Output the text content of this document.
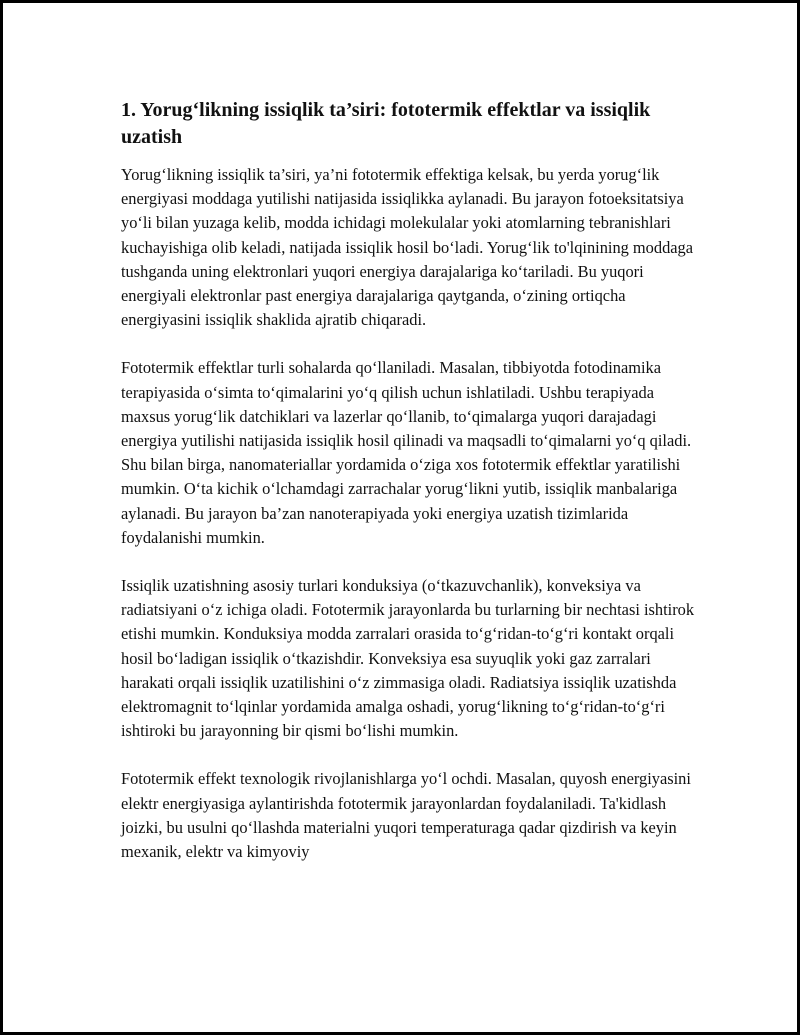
1. Yorug‘likning issiqlik ta’siri: fototermik effektlar va issiqlik uzatish

Yorug‘likning issiqlik ta’siri, ya’ni fototermik effektiga kelsak, bu yerda yorug‘lik energiyasi moddaga yutilishi natijasida issiqlikka aylanadi. Bu jarayon fotoeksitatsiya yo‘li bilan yuzaga kelib, modda ichidagi molekulalar yoki atomlarning tebranishlari kuchayishiga olib keladi, natijada issiqlik hosil bo‘ladi. Yorug‘lik to'lqinining moddaga tushganda uning elektronlari yuqori energiya darajalariga ko‘tariladi. Bu yuqori energiyali elektronlar past energiya darajalariga qaytganda, o‘zining ortiqcha energiyasini issiqlik shaklida ajratib chiqaradi.

Fototermik effektlar turli sohalarda qo‘llaniladi. Masalan, tibbiyotda fotodinamika terapiyasida o‘simta to‘qimalarini yo‘q qilish uchun ishlatiladi. Ushbu terapiyada maxsus yorug‘lik datchiklari va lazerlar qo‘llanib, to‘qimalarga yuqori darajadagi energiya yutilishi natijasida issiqlik hosil qilinadi va maqsadli to‘qimalarni yo‘q qiladi. Shu bilan birga, nanomateriallar yordamida o‘ziga xos fototermik effektlar yaratilishi mumkin. O‘ta kichik o‘lchamdagi zarrachalar yorug‘likni yutib, issiqlik manbalariga aylanadi. Bu jarayon ba’zan nanoterapiyada yoki energiya uzatish tizimlarida foydalanishi mumkin.

Issiqlik uzatishning asosiy turlari konduksiya (o‘tkazuvchanlik), konveksiya va radiatsiyani o‘z ichiga oladi. Fototermik jarayonlarda bu turlarning bir nechtasi ishtirok etishi mumkin. Konduksiya modda zarralari orasida to‘g‘ridan-to‘g‘ri kontakt orqali hosil bo‘ladigan issiqlik o‘tkazishdir. Konveksiya esa suyuqlik yoki gaz zarralari harakati orqali issiqlik uzatilishini o‘z zimmasiga oladi. Radiatsiya issiqlik uzatishda elektromagnit to‘lqinlar yordamida amalga oshadi, yorug‘likning to‘g‘ridan-to‘g‘ri ishtiroki bu jarayonning bir qismi bo‘lishi mumkin.

Fototermik effekt texnologik rivojlanishlarga yo‘l ochdi. Masalan, quyosh energiyasini elektr energiyasiga aylantirishda fototermik jarayonlardan foydalaniladi. Ta'kidlash joizki, bu usulni qo‘llashda materialni yuqori temperaturaga qadar qizdirish va keyin mexanik, elektr va kimyoviy
